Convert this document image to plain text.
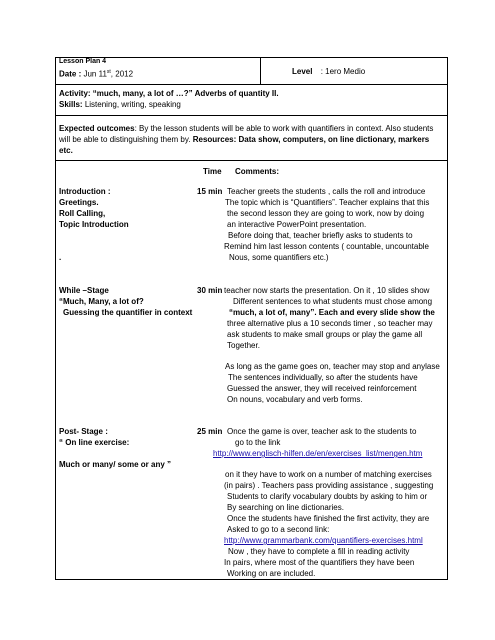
Lesson Plan 4
Date : Jun 11st, 2012	Level : 1ero Medio
Activity: “much, many, a lot of …?” Adverbs of quantity II.
Skills: Listening, writing, speaking
Expected outcomes: By the lesson students will be able to work with quantifiers in context. Also students will be able to distinguishing them by. Resources: Data show, computers, on line dictionary, markers etc.
Time Comments:
Introduction :
Greetings.
Roll Calling,
Topic Introduction
.
15 min Teacher greets the students , calls the roll and introduce
The topic which is “Quantifiers”. Teacher explains that this
the second lesson they are going to work, now by doing
an interactive PowerPoint presentation.
Before doing that, teacher briefly asks to students to
Remind him last lesson contents ( countable, uncountable
Nous, some quantifiers etc.)
While –Stage
“Much, Many, a lot of?
Guessing the quantifier in context
30 min teacher now starts the presentation. On it , 10 slides show
Different sentences to what students must chose among
“much, a lot of, many”. Each and every slide show the
three alternative plus a 10 seconds timer , so teacher may
ask students to make small groups or play the game all
Together.
As long as the game goes on, teacher may stop and anylase
The sentences individually, so after the students have
Guessed the answer, they will received reinforcement
On nouns, vocabulary and verb forms.
Post- Stage :
“ On line exercise:
Much or many/ some or any ”
25 min Once the game is over, teacher ask to the students to
go to the link
http://www.englisch-hilfen.de/en/exercises_list/mengen.htm
on it they have to work on a number of matching exercises
(in pairs) . Teachers pass providing assistance , suggesting
Students to clarify vocabulary doubts by asking to him or
By searching on line dictionaries.
Once the students have finished the first activity, they are
Asked to go to a second link:
http://www.grammarbank.com/quantifiers-exercises.html
Now , they have to complete a fill in reading activity
In pairs, where most of the quantifiers they have been
Working on are included.
